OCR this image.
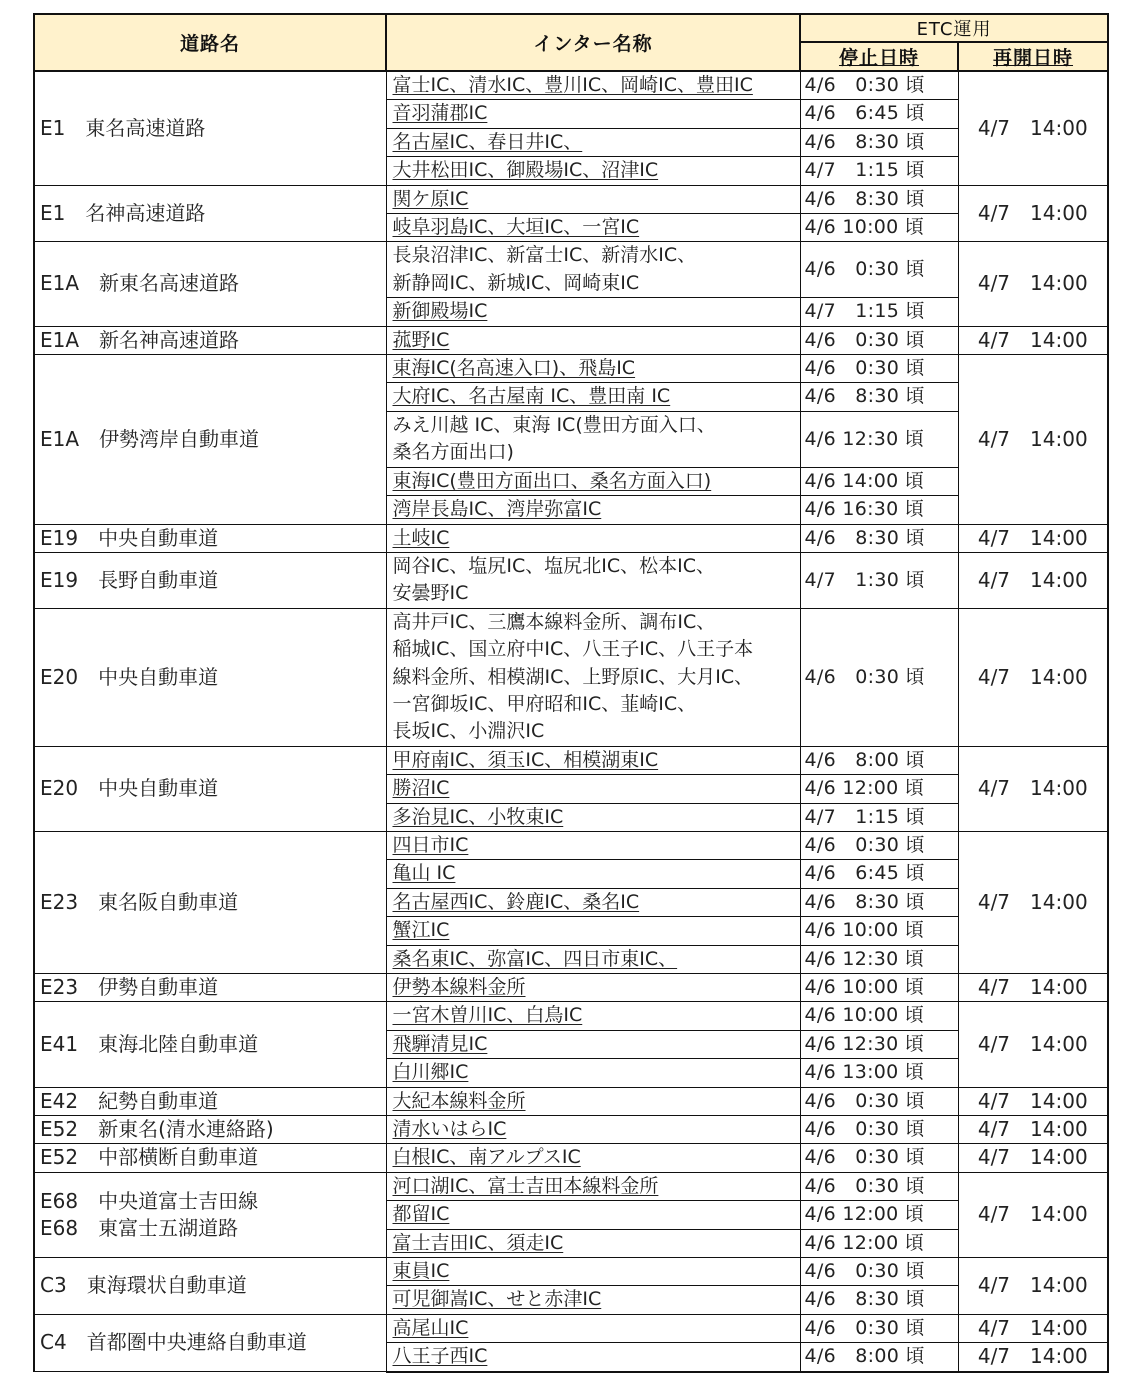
道路名	インター名称	ETC運用	
		停止日時	再開日時

E1　東名高速道路	富士IC、清水IC、豊川IC、岡崎IC、豊田IC	4/6　0:30 頃	4/7　14:00
	音羽蒲郡IC	4/6　6:45 頃	
	名古屋IC、春日井IC、	4/6　8:30 頃	
	大井松田IC、御殿場IC、沼津IC	4/7　1:15 頃	

E1　名神高速道路	関ケ原IC	4/6　8:30 頃	4/7　14:00
	岐阜羽島IC、大垣IC、一宮IC	4/6 10:00 頃	

E1A　新東名高速道路	長泉沼津IC、新富士IC、新清水IC、
新静岡IC、新城IC、岡崎東IC	4/6　0:30 頃	4/7　14:00
	新御殿場IC	4/7　1:15 頃	

E1A　新名神高速道路	菰野IC	4/6　0:30 頃	4/7　14:00

E1A　伊勢湾岸自動車道	東海IC(名高速入口)、飛島IC	4/6　0:30 頃	4/7　14:00
	大府IC、名古屋南 IC、豊田南 IC	4/6　8:30 頃	
	みえ川越 IC、東海 IC(豊田方面入口、
桑名方面出口)	4/6 12:30 頃	
	東海IC(豊田方面出口、桑名方面入口)	4/6 14:00 頃	
	湾岸長島IC、湾岸弥富IC	4/6 16:30 頃	

E19　中央自動車道	土岐IC	4/6　8:30 頃	4/7　14:00

E19　長野自動車道	岡谷IC、塩尻IC、塩尻北IC、松本IC、
安曇野IC	4/7　1:30 頃	4/7　14:00

E20　中央自動車道	高井戸IC、三鷹本線料金所、調布IC、
稲城IC、国立府中IC、八王子IC、八王子本
線料金所、相模湖IC、上野原IC、大月IC、
一宮御坂IC、甲府昭和IC、韮崎IC、
長坂IC、小淵沢IC	4/6　0:30 頃	4/7　14:00

E20　中央自動車道	甲府南IC、須玉IC、相模湖東IC	4/6　8:00 頃	4/7　14:00
	勝沼IC	4/6 12:00 頃	
	多治見IC、小牧東IC	4/7　1:15 頃	

E23　東名阪自動車道	四日市IC	4/6　0:30 頃	4/7　14:00
	亀山 IC	4/6　6:45 頃	
	名古屋西IC、鈴鹿IC、桑名IC	4/6　8:30 頃	
	蟹江IC	4/6 10:00 頃	
	桑名東IC、弥富IC、四日市東IC、	4/6 12:30 頃	

E23　伊勢自動車道	伊勢本線料金所	4/6 10:00 頃	4/7　14:00

E41　東海北陸自動車道	一宮木曽川IC、白鳥IC	4/6 10:00 頃	4/7　14:00
	飛騨清見IC	4/6 12:30 頃	
	白川郷IC	4/6 13:00 頃	

E42　紀勢自動車道	大紀本線料金所	4/6　0:30 頃	4/7　14:00

E52　新東名(清水連絡路)	清水いはらIC	4/6　0:30 頃	4/7　14:00

E52　中部横断自動車道	白根IC、南アルプスIC	4/6　0:30 頃	4/7　14:00

E68　中央道富士吉田線
E68　東富士五湖道路	河口湖IC、富士吉田本線料金所	4/6　0:30 頃	4/7　14:00
	都留IC	4/6 12:00 頃	
	富士吉田IC、須走IC	4/6 12:00 頃	

C3　東海環状自動車道	東員IC	4/6　0:30 頃	4/7　14:00
	可児御嵩IC、せと赤津IC	4/6　8:30 頃	

C4　首都圏中央連絡自動車道	高尾山IC	4/6　0:30 頃	4/7　14:00
	八王子西IC	4/6　8:00 頃	4/7　14:00
